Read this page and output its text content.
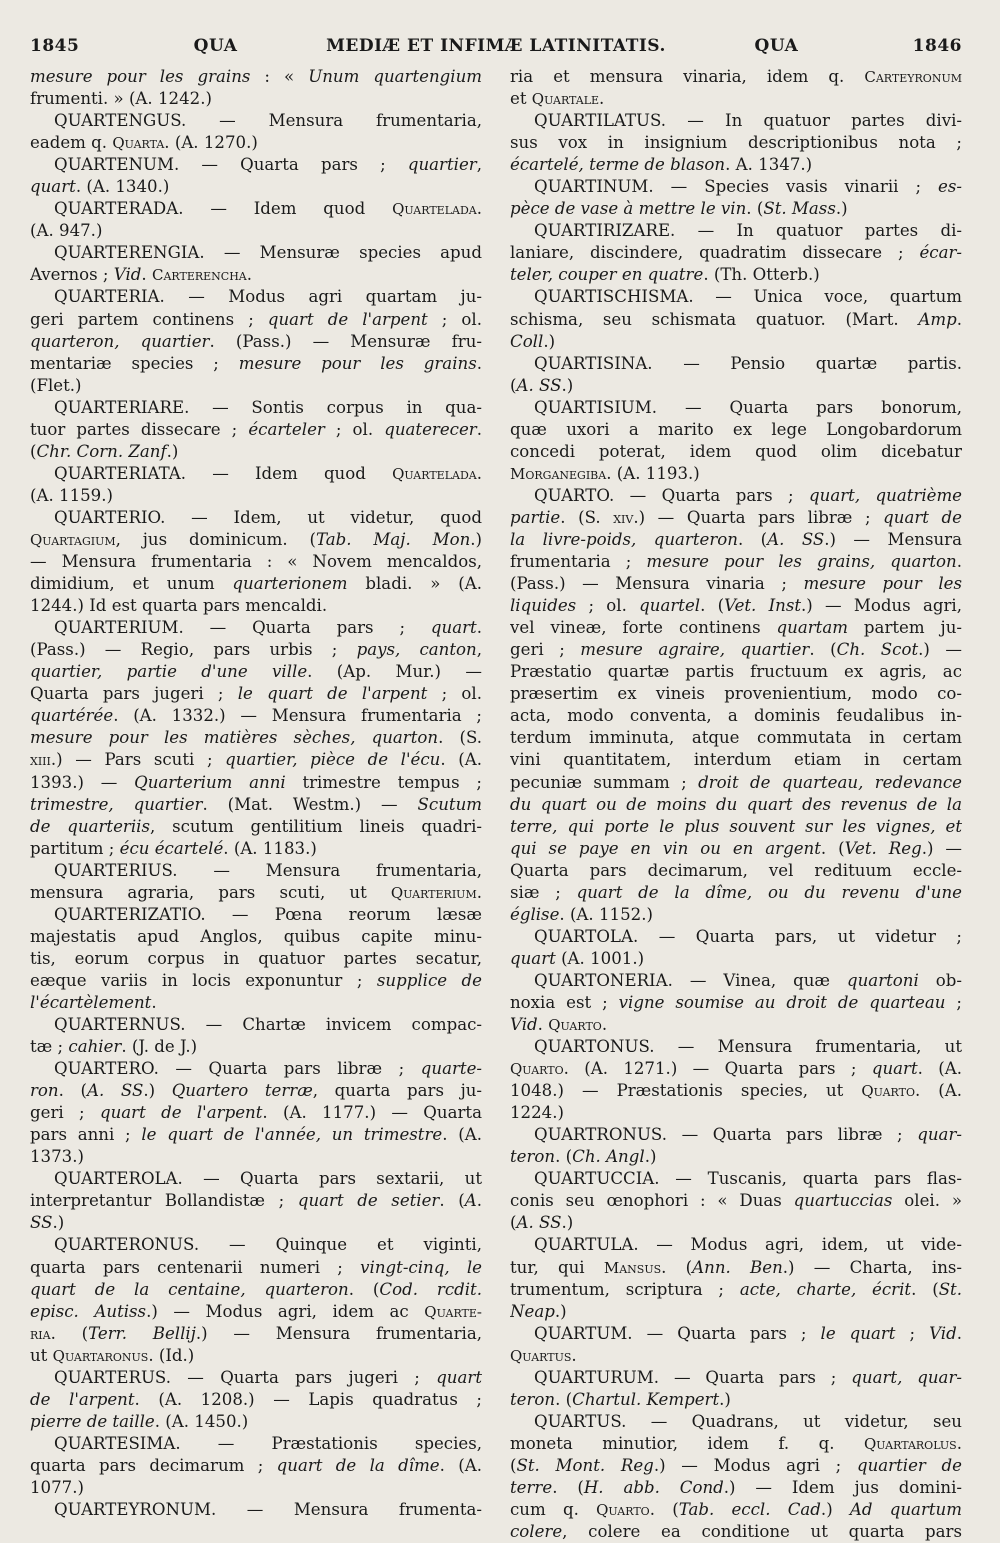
1845	QUA	MEDIÆ ET INFIMÆ LATINITATIS.	QUA	1846
mesure pour les grains : « Unum quartengium
frumenti. » (A. 1242.)
QUARTENGUS. — Mensura frumentaria,
eadem q. Quarta. (A. 1270.)
QUARTENUM. — Quarta pars ; quartier,
quart. (A. 1340.)
QUARTERADA. — Idem quod Quartelada.
(A. 947.)
QUARTERENGIA. — Mensuræ species apud
Avernos ; Vid. Carterencha.
QUARTERIA. — Modus agri quartam ju-
geri partem continens ; quart de l'arpent ; ol.
quarteron, quartier. (Pass.) — Mensuræ fru-
mentariæ species ; mesure pour les grains.
(Flet.)
QUARTERIARE. — Sontis corpus in qua-
tuor partes dissecare ; écarteler ; ol. quaterecer.
(Chr. Corn. Zanf.)
QUARTERIATA. — Idem quod Quartelada.
(A. 1159.)
QUARTERIO. — Idem, ut videtur, quod
Quartagium, jus dominicum. (Tab. Maj. Mon.)
— Mensura frumentaria : « Novem mencaldos,
dimidium, et unum quarterionem bladi. » (A.
1244.) Id est quarta pars mencaldi.
QUARTERIUM. — Quarta pars ; quart.
(Pass.) — Regio, pars urbis ; pays, canton,
quartier, partie d'une ville. (Ap. Mur.) —
Quarta pars jugeri ; le quart de l'arpent ; ol.
quartérée. (A. 1332.) — Mensura frumentaria ;
mesure pour les matières sèches, quarton. (S.
xiii.) — Pars scuti ; quartier, pièce de l'écu. (A.
1393.) — Quarterium anni trimestre tempus ;
trimestre, quartier. (Mat. Westm.) — Scutum
de quarteriis, scutum gentilitium lineis quadri-
partitum ; écu écartelé. (A. 1183.)
QUARTERIUS. — Mensura frumentaria,
mensura agraria, pars scuti, ut Quarterium.
QUARTERIZATIO. — Pœna reorum læsæ
majestatis apud Anglos, quibus capite minu-
tis, eorum corpus in quatuor partes secatur,
eæque variis in locis exponuntur ; supplice de
l'écartèlement.
QUARTERNUS. — Chartæ invicem compac-
tæ ; cahier. (J. de J.)
QUARTERO. — Quarta pars libræ ; quarte-
ron. (A. SS.) Quartero terræ, quarta pars ju-
geri ; quart de l'arpent. (A. 1177.) — Quarta
pars anni ; le quart de l'année, un trimestre. (A.
1373.)
QUARTEROLA. — Quarta pars sextarii, ut
interpretantur Bollandistæ ; quart de setier. (A.
SS.)
QUARTERONUS. — Quinque et viginti,
quarta pars centenarii numeri ; vingt-cinq, le
quart de la centaine, quarteron. (Cod. rcdit.
episc. Autiss.) — Modus agri, idem ac Quarte-
ria. (Terr. Bellij.) — Mensura frumentaria,
ut Quartaronus. (Id.)
QUARTERUS. — Quarta pars jugeri ; quart
de l'arpent. (A. 1208.) — Lapis quadratus ;
pierre de taille. (A. 1450.)
QUARTESIMA. — Præstationis species,
quarta pars decimarum ; quart de la dîme. (A.
1077.)
QUARTEYRONUM. — Mensura frumenta-
ria et mensura vinaria, idem q. Carteyronum
et Quartale.
QUARTILATUS. — In quatuor partes divi-
sus vox in insignium descriptionibus nota ;
écartelé, terme de blason. A. 1347.)
QUARTINUM. — Species vasis vinarii ; es-
pèce de vase à mettre le vin. (St. Mass.)
QUARTIRIZARE. — In quatuor partes di-
laniare, discindere, quadratim dissecare ; écar-
teler, couper en quatre. (Th. Otterb.)
QUARTISCHISMA. — Unica voce, quartum
schisma, seu schismata quatuor. (Mart. Amp.
Coll.)
QUARTISINA. — Pensio quartæ partis.
(A. SS.)
QUARTISIUM. — Quarta pars bonorum,
quæ uxori a marito ex lege Longobardorum
concedi poterat, idem quod olim dicebatur
Morganegiba. (A. 1193.)
QUARTO. — Quarta pars ; quart, quatrième
partie. (S. xiv.) — Quarta pars libræ ; quart de
la livre-poids, quarteron. (A. SS.) — Mensura
frumentaria ; mesure pour les grains, quarton.
(Pass.) — Mensura vinaria ; mesure pour les
liquides ; ol. quartel. (Vet. Inst.) — Modus agri,
vel vineæ, forte continens quartam partem ju-
geri ; mesure agraire, quartier. (Ch. Scot.) —
Præstatio quartæ partis fructuum ex agris, ac
præsertim ex vineis provenientium, modo co-
acta, modo conventa, a dominis feudalibus in-
terdum imminuta, atque commutata in certam
vini quantitatem, interdum etiam in certam
pecuniæ summam ; droit de quarteau, redevance
du quart ou de moins du quart des revenus de la
terre, qui porte le plus souvent sur les vignes, et
qui se paye en vin ou en argent. (Vet. Reg.) —
Quarta pars decimarum, vel redituum eccle-
siæ ; quart de la dîme, ou du revenu d'une
église. (A. 1152.)
QUARTOLA. — Quarta pars, ut videtur ;
quart (A. 1001.)
QUARTONERIA. — Vinea, quæ quartoni ob-
noxia est ; vigne soumise au droit de quarteau ;
Vid. Quarto.
QUARTONUS. — Mensura frumentaria, ut
Quarto. (A. 1271.) — Quarta pars ; quart. (A.
1048.) — Præstationis species, ut Quarto. (A.
1224.)
QUARTRONUS. — Quarta pars libræ ; quar-
teron. (Ch. Angl.)
QUARTUCCIA. — Tuscanis, quarta pars flas-
conis seu œnophori : « Duas quartuccias olei. »
(A. SS.)
QUARTULA. — Modus agri, idem, ut vide-
tur, qui Mansus. (Ann. Ben.) — Charta, ins-
trumentum, scriptura ; acte, charte, écrit. (St.
Neap.)
QUARTUM. — Quarta pars ; le quart ; Vid.
Quartus.
QUARTURUM. — Quarta pars ; quart, quar-
teron. (Chartul. Kempert.)
QUARTUS. — Quadrans, ut videtur, seu
moneta minutior, idem f. q. Quartarolus.
(St. Mont. Reg.) — Modus agri ; quartier de
terre. (H. abb. Cond.) — Idem jus domini-
cum q. Quarto. (Tab. eccl. Cad.) Ad quartum
colere, colere ea conditione ut quarta pars
